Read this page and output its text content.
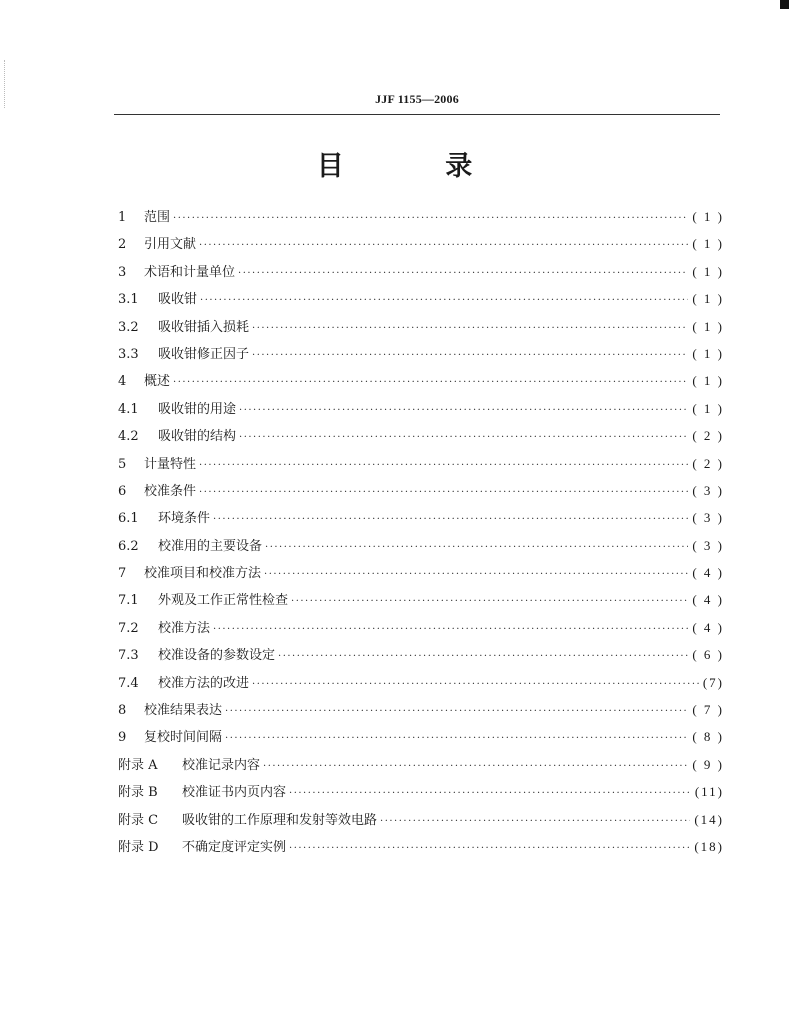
JJF 1155—2006
目 录
1	范围 ·····	( 1 )
2	引用文献 ·····	( 1 )
3	术语和计量单位 ·····	( 1 )
3.1	吸收钳 ·····	( 1 )
3.2	吸收钳插入损耗 ·····	( 1 )
3.3	吸收钳修正因子 ·····	( 1 )
4	概述 ·····	( 1 )
4.1	吸收钳的用途 ·····	( 1 )
4.2	吸收钳的结构 ·····	( 2 )
5	计量特性 ·····	( 2 )
6	校准条件 ·····	( 3 )
6.1	环境条件 ·····	( 3 )
6.2	校准用的主要设备 ·····	( 3 )
7	校准项目和校准方法 ·····	( 4 )
7.1	外观及工作正常性检查 ·····	( 4 )
7.2	校准方法 ·····	( 4 )
7.3	校准设备的参数设定 ·····	( 6 )
7.4	校准方法的改进 ·····	(7)
8	校准结果表达 ·····	( 7 )
9	复校时间间隔 ·····	( 8 )
附录 A	校准记录内容 ·····	( 9 )
附录 B	校准证书内页内容 ·····	(11)
附录 C	吸收钳的工作原理和发射等效电路 ·····	(14)
附录 D	不确定度评定实例 ·····	(18)
